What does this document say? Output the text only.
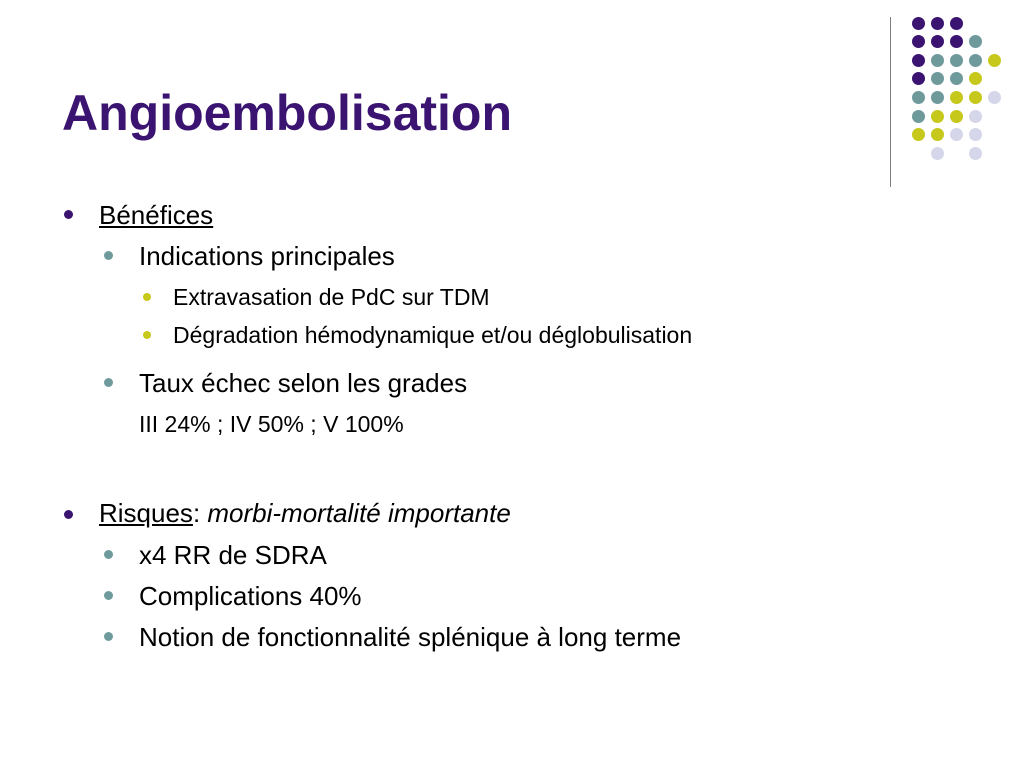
Angioembolisation
Bénéfices
Indications principales
Extravasation de PdC sur TDM
Dégradation hémodynamique et/ou déglobulisation
Taux échec selon les grades
III 24% ; IV 50% ; V 100%
Risques: morbi-mortalité importante
x4 RR de SDRA
Complications 40%
Notion de fonctionnalité splénique à long terme
